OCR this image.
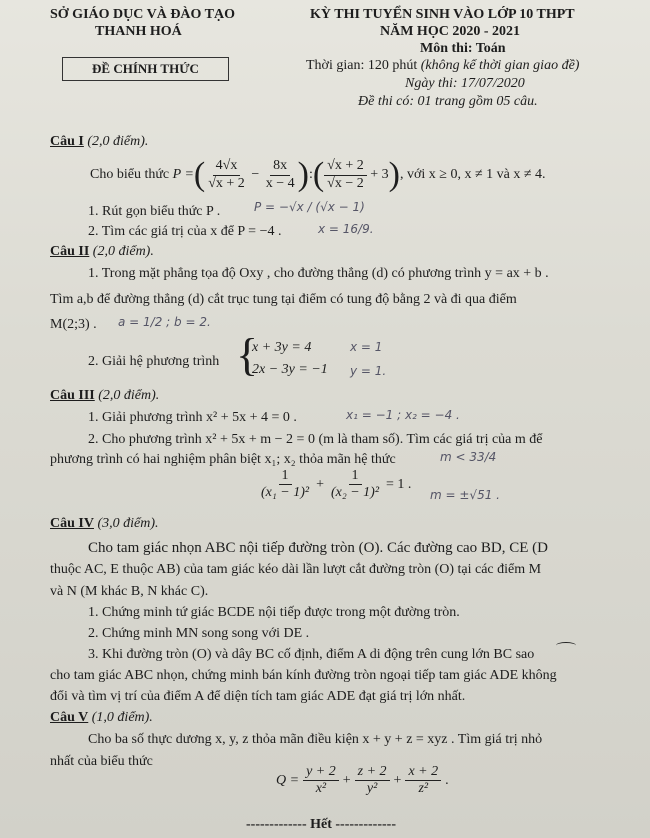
SỞ GIÁO DỤC VÀ ĐÀO TẠO
THANH HOÁ
ĐỀ CHÍNH THỨC
KỲ THI TUYỂN SINH VÀO LỚP 10 THPT
NĂM HỌC 2020 - 2021
Môn thi: Toán
Thời gian: 120 phút (không kể thời gian giao đề)
Ngày thi: 17/07/2020
Đề thi có: 01 trang gồm 05 câu.
Câu I (2,0 điểm).
Cho biểu thức
P = ( $\frac{4√x}{√x + 2}$
−
$\frac{8x}{x - 4}$ ) : ( $\frac{√x + 2}{√x - 2}$
+ 3 ) , với x ≥ 0, x ≠ 1 và x ≠ 4.
1. Rút gọn biểu thức P .	P = −√x / (√x − 1)
2. Tìm các giá trị của x để P = −4 .	x = 16/9.
Câu II (2,0 điểm).
1. Trong mặt phẳng tọa độ Oxy , cho đường thẳng (d) có phương trình y = ax + b .
Tìm a,b để đường thẳng (d) cắt trục tung tại điểm có tung độ bằng 2 và đi qua điểm
M(2;3) . a = 1/2 ; b = 2.
2. Giải hệ phương trình {
x + 3y = 4
2x − 3y = −1
x = 1
y = 1.
Câu III (2,0 điểm).
1. Giải phương trình x² + 5x + 4 = 0 .	x₁ = −1 ; x₂ = −4 .
2. Cho phương trình x² + 5x + m − 2 = 0 (m là tham số). Tìm các giá trị của m để
phương trình có hai nghiệm phân biệt x₁; x₂ thỏa mãn hệ thức	m < 33/4
$\frac{1}{\text{(x₁ − 1)²}} + \frac{1}{\text{(x₂ − 1)²}} = 1$ .
m = ±√51 .
Câu IV (3,0 điểm).
Cho tam giác nhọn ABC nội tiếp đường tròn (O). Các đường cao BD, CE (D
thuộc AC, E thuộc AB) của tam giác kéo dài lần lượt cắt đường tròn (O) tại các điểm M
và N (M khác B, N khác C).
1. Chứng minh tứ giác BCDE nội tiếp được trong một đường tròn.
2. Chứng minh MN song song với DE .
3. Khi đường tròn (O) và dây BC cố định, điểm A di động trên cung lớn BC sao
cho tam giác ABC nhọn, chứng minh bán kính đường tròn ngoại tiếp tam giác ADE không
đổi và tìm vị trí của điểm A để diện tích tam giác ADE đạt giá trị lớn nhất.
Câu V (1,0 điểm).
Cho ba số thực dương x, y, z thỏa mãn điều kiện x + y + z = xyz . Tìm giá trị nhỏ
nhất của biểu thức
$Q = \frac{y + 2}{\text{x²}} + \frac{z + 2}{\text{y²}} + \frac{x + 2}{\text{z²}}$ .
------------- Hết -------------
